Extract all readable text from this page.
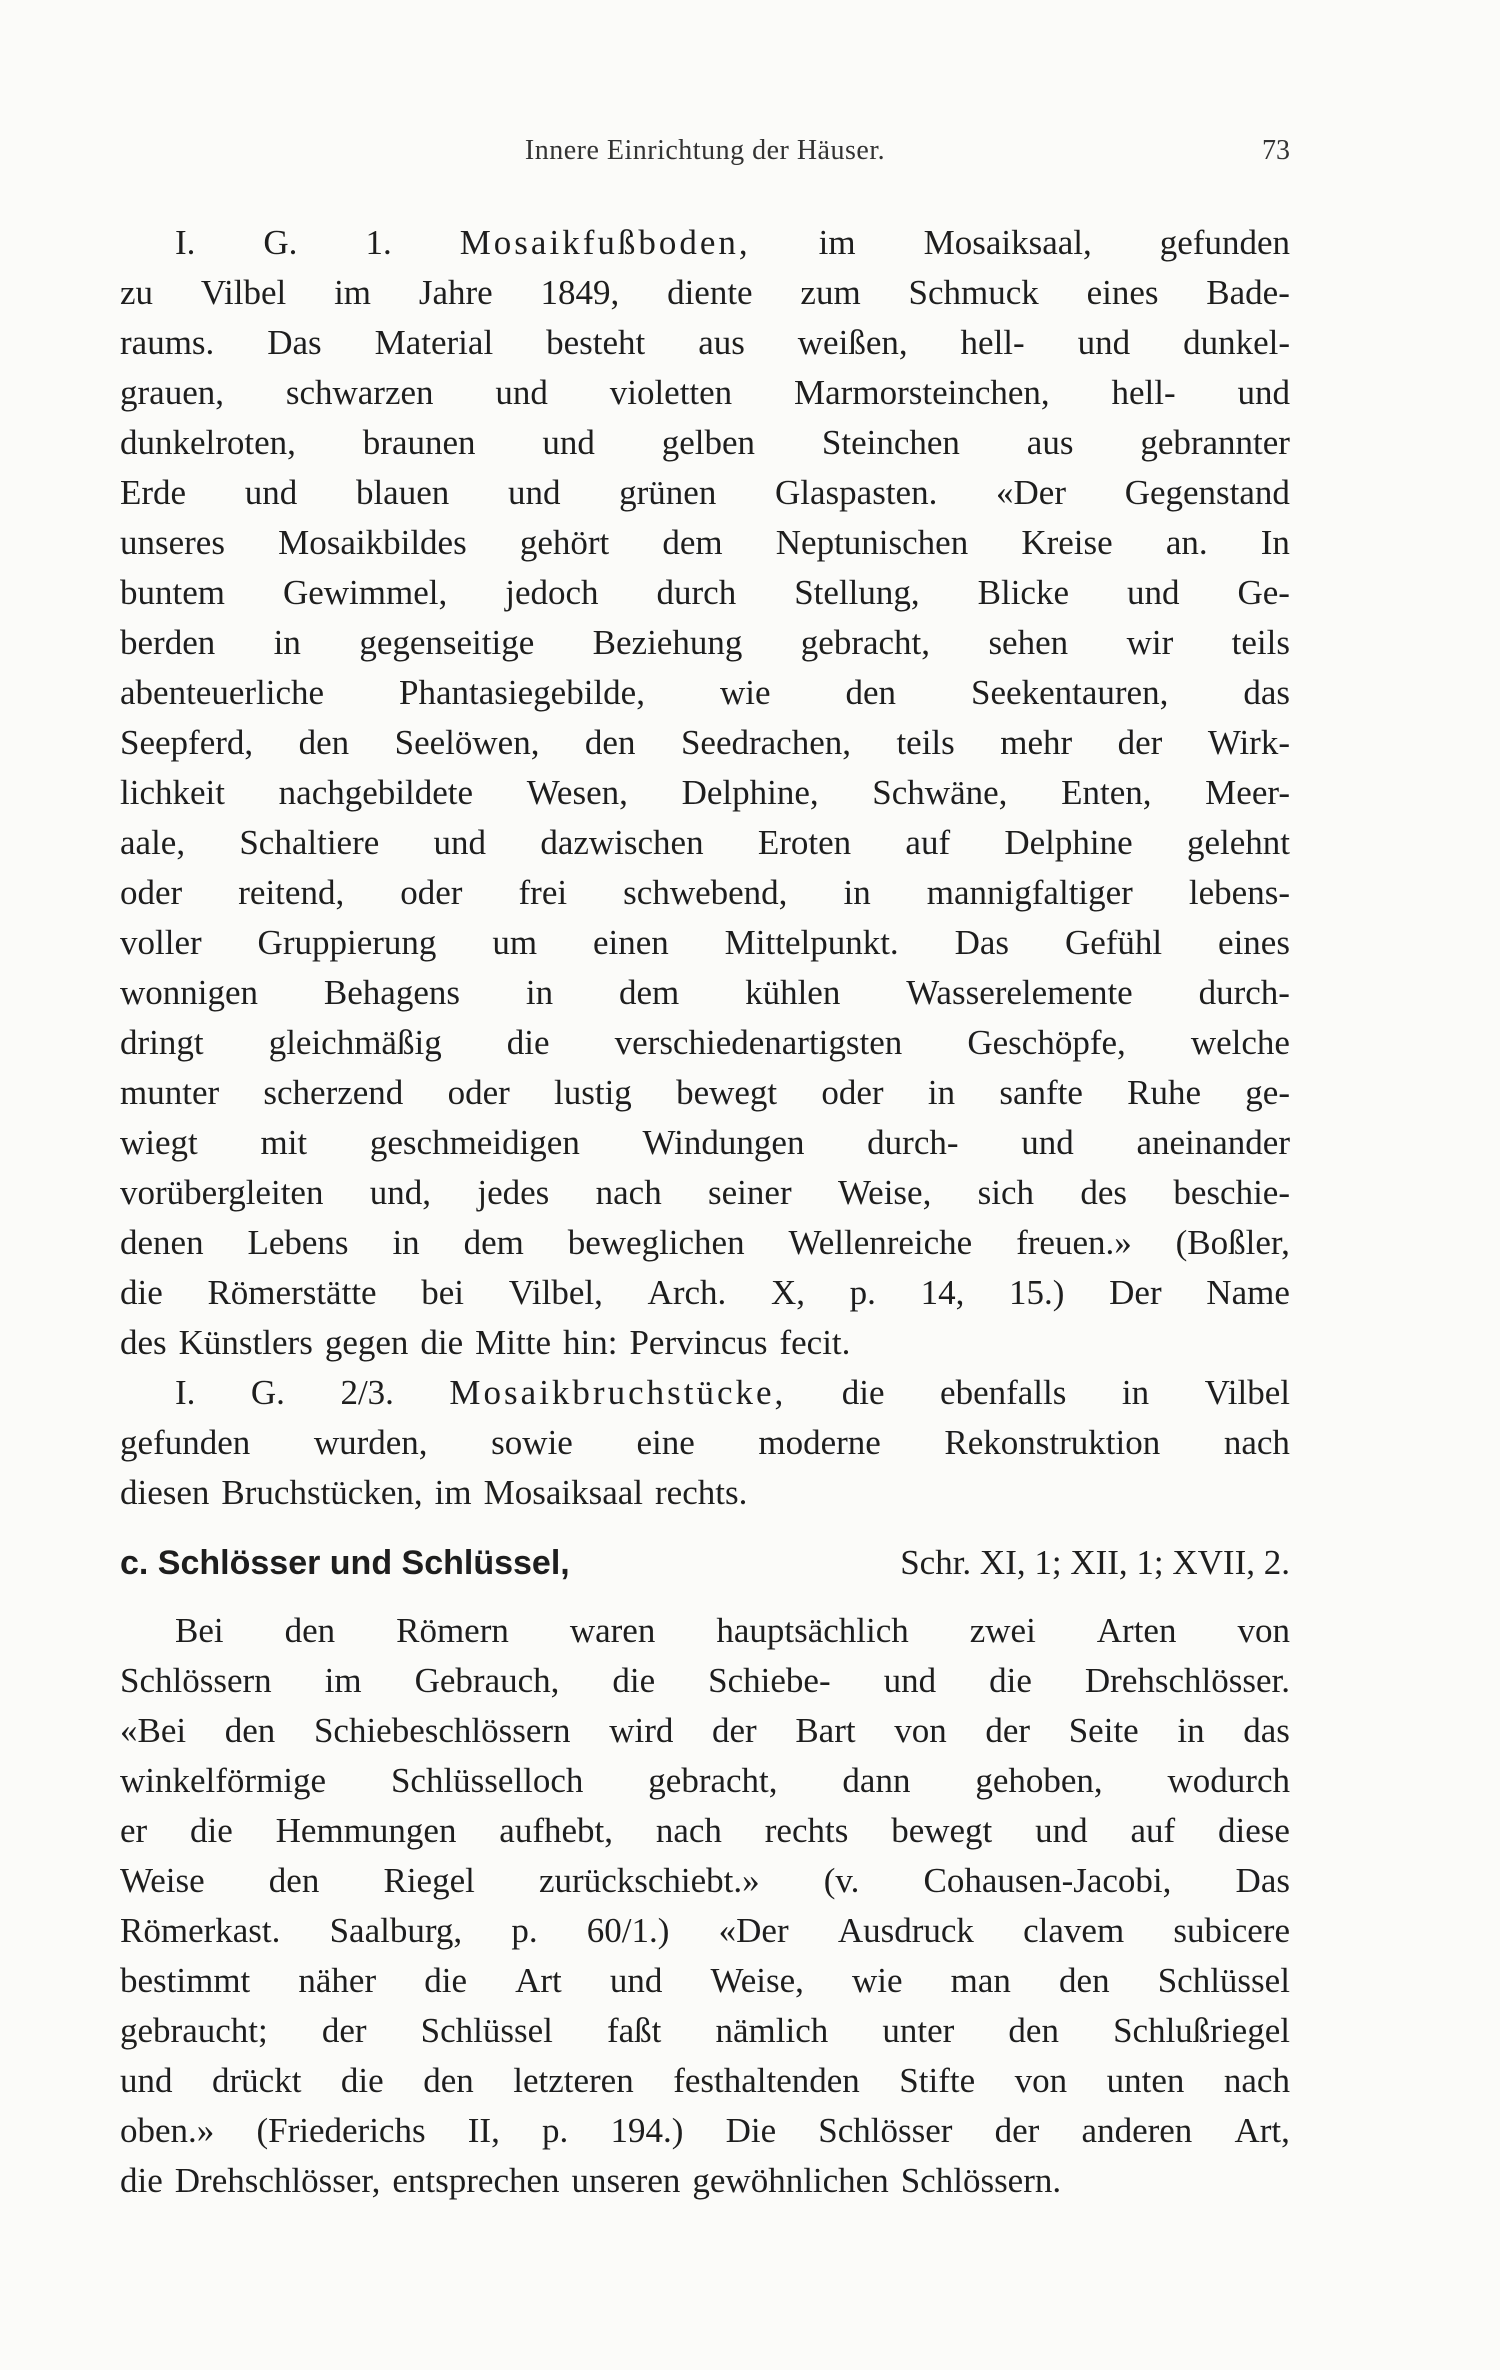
Innere Einrichtung der Häuser.	73
I. G. 1. Mosaikfußboden, im Mosaiksaal, gefunden
zu Vilbel im Jahre 1849, diente zum Schmuck eines Bade-
raums. Das Material besteht aus weißen, hell- und dunkel-
grauen, schwarzen und violetten Marmorsteinchen, hell- und
dunkelroten, braunen und gelben Steinchen aus gebrannter
Erde und blauen und grünen Glaspasten. «Der Gegenstand
unseres Mosaikbildes gehört dem Neptunischen Kreise an. In
buntem Gewimmel, jedoch durch Stellung, Blicke und Ge-
berden in gegenseitige Beziehung gebracht, sehen wir teils
abenteuerliche Phantasiegebilde, wie den Seekentauren, das
Seepferd, den Seelöwen, den Seedrachen, teils mehr der Wirk-
lichkeit nachgebildete Wesen, Delphine, Schwäne, Enten, Meer-
aale, Schaltiere und dazwischen Eroten auf Delphine gelehnt
oder reitend, oder frei schwebend, in mannigfaltiger lebens-
voller Gruppierung um einen Mittelpunkt. Das Gefühl eines
wonnigen Behagens in dem kühlen Wasserelemente durch-
dringt gleichmäßig die verschiedenartigsten Geschöpfe, welche
munter scherzend oder lustig bewegt oder in sanfte Ruhe ge-
wiegt mit geschmeidigen Windungen durch- und aneinander
vorübergleiten und, jedes nach seiner Weise, sich des beschie-
denen Lebens in dem beweglichen Wellenreiche freuen.» (Boßler,
die Römerstätte bei Vilbel, Arch. X, p. 14, 15.) Der Name
des Künstlers gegen die Mitte hin: Pervincus fecit.
I. G. 2/3. Mosaikbruchstücke, die ebenfalls in Vilbel
gefunden wurden, sowie eine moderne Rekonstruktion nach
diesen Bruchstücken, im Mosaiksaal rechts.
c. Schlösser und Schlüssel,	Schr. XI, 1; XII, 1; XVII, 2.
Bei den Römern waren hauptsächlich zwei Arten von
Schlössern im Gebrauch, die Schiebe- und die Drehschlösser.
«Bei den Schiebeschlössern wird der Bart von der Seite in das
winkelförmige Schlüsselloch gebracht, dann gehoben, wodurch
er die Hemmungen aufhebt, nach rechts bewegt und auf diese
Weise den Riegel zurückschiebt.» (v. Cohausen-Jacobi, Das
Römerkast. Saalburg, p. 60/1.) «Der Ausdruck clavem subicere
bestimmt näher die Art und Weise, wie man den Schlüssel
gebraucht; der Schlüssel faßt nämlich unter den Schlußriegel
und drückt die den letzteren festhaltenden Stifte von unten nach
oben.» (Friederichs II, p. 194.) Die Schlösser der anderen Art,
die Drehschlösser, entsprechen unseren gewöhnlichen Schlössern.
